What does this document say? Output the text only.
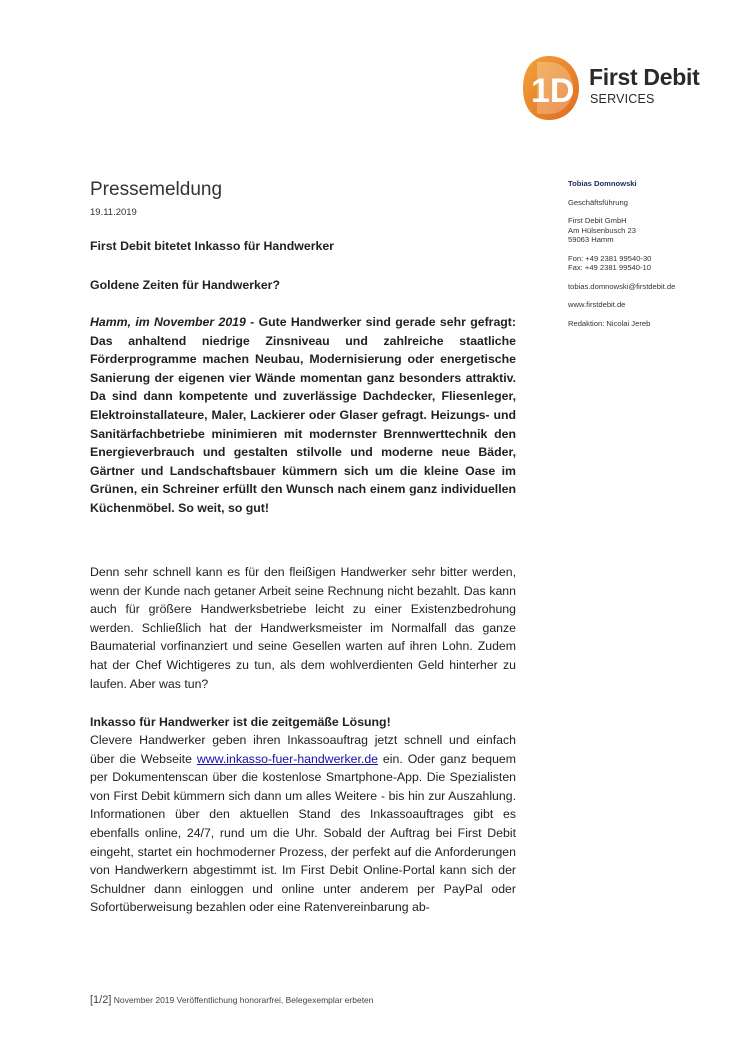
1D First Debit
SERVICES
Pressemeldung
19.11.2019

First Debit bitetet Inkasso für Handwerker

Goldene Zeiten für Handwerker?

Hamm, im November 2019 - Gute Handwerker sind gerade sehr gefragt: Das anhaltend niedrige Zinsniveau und zahlreiche staatliche Förderprogramme machen Neubau, Modernisierung oder energetische Sanierung der eigenen vier Wände momentan ganz besonders attraktiv. Da sind dann kompetente und zuverlässige Dachdecker, Fliesenleger, Elektroinstallateure, Maler, Lackierer oder Glaser gefragt. Heizungs- und Sanitärfachbetriebe minimieren mit modernster Brennwerttechnik den Energieverbrauch und gestalten stilvolle und moderne neue Bäder, Gärtner und Landschaftsbauer kümmern sich um die kleine Oase im Grünen, ein Schreiner erfüllt den Wunsch nach einem ganz individuellen Küchenmöbel. So weit, so gut!

Denn sehr schnell kann es für den fleißigen Handwerker sehr bitter werden, wenn der Kunde nach getaner Arbeit seine Rechnung nicht bezahlt. Das kann auch für größere Handwerksbetriebe leicht zu einer Existenzbedrohung werden. Schließlich hat der Handwerksmeister im Normalfall das ganze Baumaterial vorfinanziert und seine Gesellen warten auf ihren Lohn. Zudem hat der Chef Wichtigeres zu tun, als dem wohlverdienten Geld hinterher zu laufen. Aber was tun?

Inkasso für Handwerker ist die zeitgemäße Lösung!

Clevere Handwerker geben ihren Inkassoauftrag jetzt schnell und einfach über die Webseite www.inkasso-fuer-handwerker.de ein. Oder ganz bequem per Dokumentenscan über die kostenlose Smartphone-App. Die Spezialisten von First Debit kümmern sich dann um alles Weitere - bis hin zur Auszahlung. Informationen über den aktuellen Stand des Inkassoauftrages gibt es ebenfalls online, 24/7, rund um die Uhr. Sobald der Auftrag bei First Debit eingeht, startet ein hochmoderner Prozess, der perfekt auf die Anforderungen von Handwerkern abgestimmt ist. Im First Debit Online-Portal kann sich der Schuldner dann einloggen und online unter anderem per PayPal oder Sofortüberweisung bezahlen oder eine Ratenvereinbarung ab-

Tobias Domnowski
Geschäftsführung
First Debit GmbH
Am Hülsenbusch 23
59063 Hamm
Fon: +49 2381 99540-30
Fax: +49 2381 99540-10
tobias.domnowski@firstdebit.de
www.firstdebit.de
Redaktion: Nicolai Jereb
[1/2] November 2019 Veröffentlichung honorarfrei, Belegexemplar erbeten
